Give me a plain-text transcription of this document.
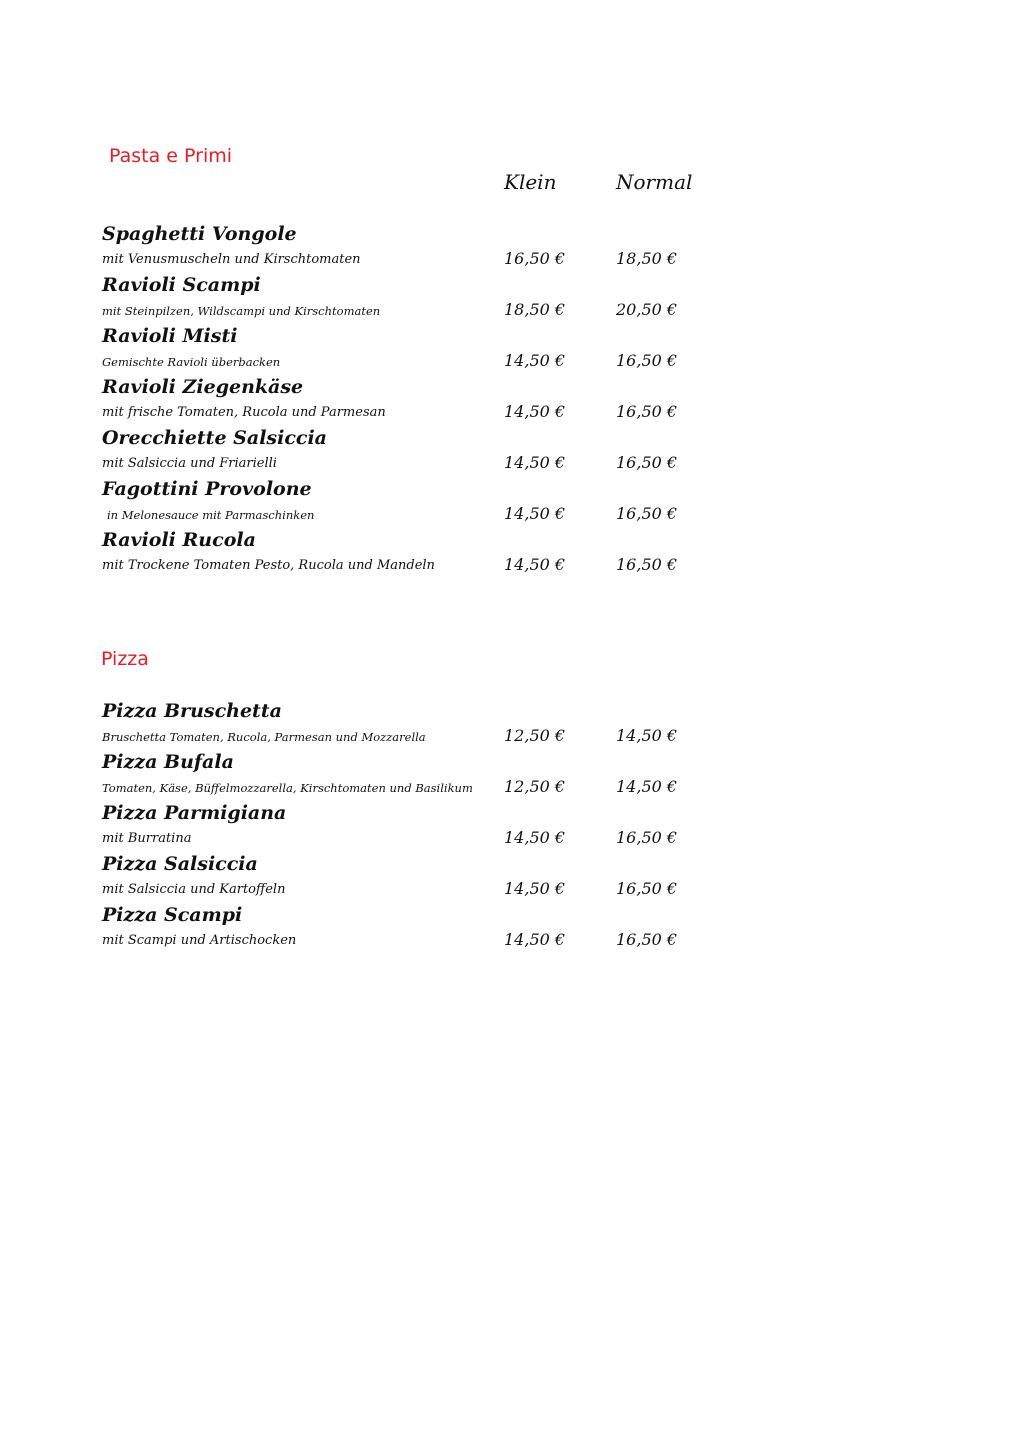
Pasta e Primi
Klein	Normal
Spaghetti Vongole
mit Venusmuscheln und Kirschtomaten	16,50 €	18,50 €
Ravioli Scampi
mit Steinpilzen, Wildscampi und Kirschtomaten	18,50 €	20,50 €
Ravioli Misti
Gemischte Ravioli überbacken	14,50 €	16,50 €
Ravioli Ziegenkäse
mit frische Tomaten, Rucola und Parmesan	14,50 €	16,50 €
Orecchiette Salsiccia
mit Salsiccia und Friarielli	14,50 €	16,50 €
Fagottini Provolone
in Melonesauce mit Parmaschinken	14,50 €	16,50 €
Ravioli Rucola
mit Trockene Tomaten Pesto, Rucola und Mandeln	14,50 €	16,50 €
Pizza
Pizza Bruschetta
Bruschetta Tomaten, Rucola, Parmesan und Mozzarella	12,50 €	14,50 €
Pizza Bufala
Tomaten, Käse, Büffelmozzarella, Kirschtomaten und Basilikum 12,50 €	14,50 €
Pizza Parmigiana
mit Burratina	14,50 €	16,50 €
Pizza Salsiccia
mit Salsiccia und Kartoffeln	14,50 €	16,50 €
Pizza Scampi
mit Scampi und Artischocken	14,50 €	16,50 €
